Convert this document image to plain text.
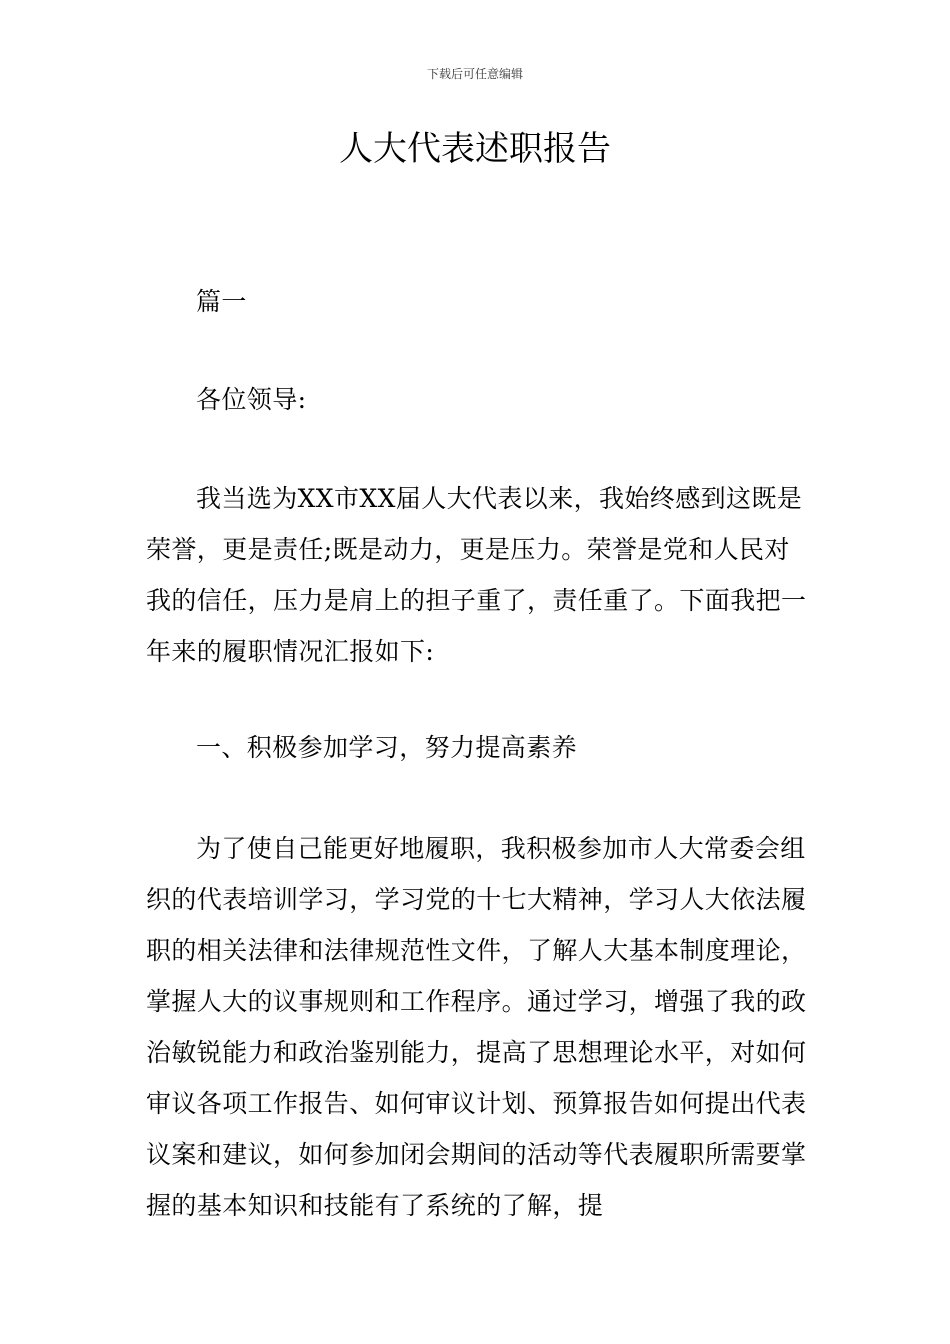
下载后可任意编辑
人大代表述职报告

篇一

各位领导:

我当选为XX市XX届人大代表以来，我始终感到这既是荣誉，更是责任;既是动力，更是压力。荣誉是党和人民对我的信任，压力是肩上的担子重了，责任重了。下面我把一年来的履职情况汇报如下:

一、积极参加学习，努力提高素养

为了使自己能更好地履职，我积极参加市人大常委会组织的代表培训学习，学习党的十七大精神，学习人大依法履职的相关法律和法律规范性文件，了解人大基本制度理论，掌握人大的议事规则和工作程序。通过学习，增强了我的政治敏锐能力和政治鉴别能力，提高了思想理论水平，对如何审议各项工作报告、如何审议计划、预算报告如何提出代表议案和建议，如何参加闭会期间的活动等代表履职所需要掌握的基本知识和技能有了系统的了解，提
